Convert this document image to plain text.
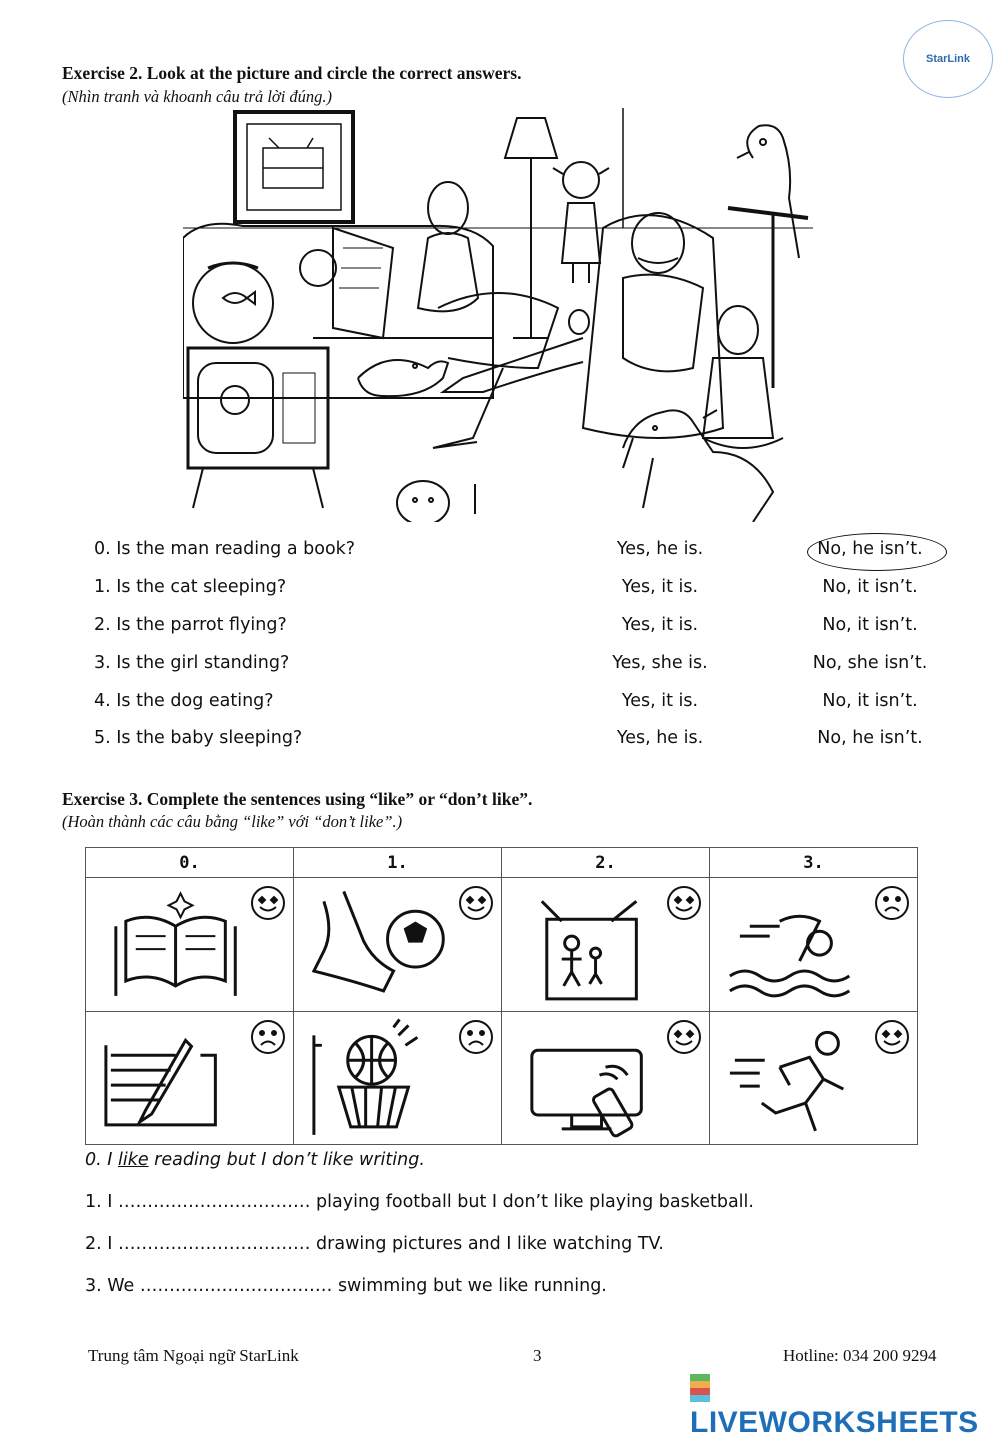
StarLink
Exercise 2. Look at the picture and circle the correct answers.
(Nhìn tranh và khoanh câu trả lời đúng.)
0. Is the man reading a book?	Yes, he is.	No, he isn’t.
1. Is the cat sleeping?	Yes, it is.	No, it isn’t.
2. Is the parrot flying?	Yes, it is.	No, it isn’t.
3. Is the girl standing?	Yes, she is.	No, she isn’t.
4. Is the dog eating?	Yes, it is.	No, it isn’t.
5. Is the baby sleeping?	Yes, he is.	No, he isn’t.
Exercise 3. Complete the sentences using “like” or “don’t like”.
(Hoàn thành các câu bằng “like” với “don’t like”.)
0.	1.	2.	3.

0. I like reading but I don’t like writing.
1. I …………………………… playing football but I don’t like playing basketball.
2. I …………………………… drawing pictures and I like watching TV.
3. We …………………………… swimming but we like running.
Trung tâm Ngoại ngữ StarLink	3	Hotline: 034 200 9294
LIVEWORKSHEETS
